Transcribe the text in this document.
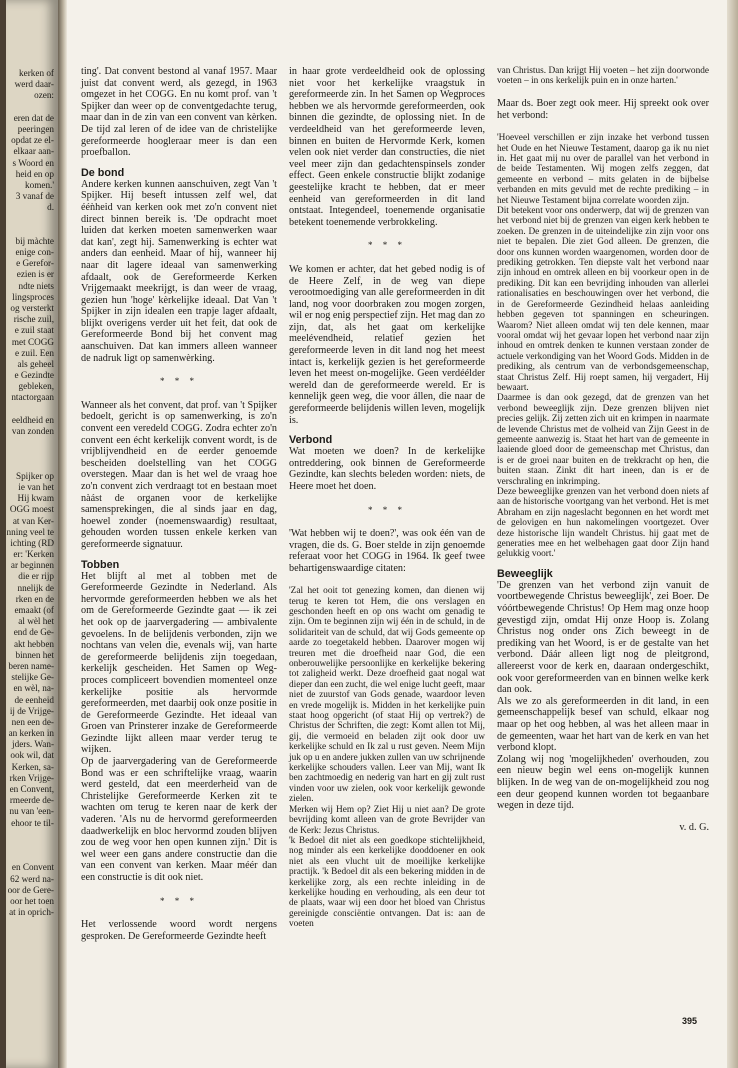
kerken of
werd daar-
ozen:
eren dat de
peeringen
opdat ze el-
elkaar aan-
s Woord en
heid en op
komen.'
3 vanaf de
d.
bij màchte
enige con-
e Gerefor-
ezien is er
ndte niets
lingsproces
og versterkt
rische zuil,
e zuil staat
met COGG
e zuil. Een
als geheel
e Gezindte
gebleken,
ntactorgaan
eeldheid en
van zonden
Spijker op
ie van het
Hij kwam
OGG moest
at van Ker-
nning veel te
ichting (RD
er: 'Kerken
ar beginnen
die er rijp
nnelijk de
rken en de
emaakt (of
al wèl het
end de Ge-
akt hebben
binnen het
beren name-
stelijke Ge-
en wèl, na-
de eenheid
ij de Vrijge-
nen een de-
an kerken in
jders. Wan-
ook wil, dat
Kerken, sa-
rken Vrijge-
en Convent,
rmeerde de-
nu van 'een-
ehoor te til-
en Convent
62 werd na-
oor de Gere-
oor het toen
at in oprich-

ting'. Dat convent bestond al vanaf 1957. Maar juist dat convent werd, als gezegd, in 1963 omgezet in het COGG. En nu komt prof. van 't Spijker dan weer op de conventgedachte terug, maar dan in de zin van een convent van kèrken. De tijd zal leren of de idee van de christelijke gereformeerde hoogleraar meer is dan een proefballon.

De bond

Andere kerken kunnen aanschuiven, zegt Van 't Spijker. Hij beseft intussen zelf wel, dat ééǹheid van kerken ook met zo'n convent niet direct binnen bereik is. 'De opdracht moet luiden dat kerken moeten samenwerken waar dat kan', zegt hij. Samenwerking is echter wat anders dan eenheid. Maar of hij, wanneer hij naar dit lagere ideaal van samenwerking afdaalt, ook de Gereformeerde Kerken Vrijgemaakt meekrijgt, is dan weer de vraag, gezien hun 'hoge' kèrkelijke ideaal. Dat Van 't Spijker in zijn idealen een trapje lager afdaalt, blijkt overigens verder uit het feit, dat ook de Gereformeerde Bond bij het convent mag aanschuiven. Dat kan immers alleen wanneer de nadruk ligt op samenwèrking.

* * *

Wanneer als het convent, dat prof. van 't Spijker bedoelt, gericht is op samenwerking, is zo'n convent een veredeld COGG. Zodra echter zo'n convent een écht kerkelijk convent wordt, is de vrijblijvendheid en de eerder genoemde bescheiden doelstelling van het COGG overstegen. Maar dan is het wel de vraag hoe zo'n convent zich verdraagt tot en bestaan moet nàást de organen voor de kerkelijke samensprekingen, die al sinds jaar en dag, hoewel zonder (noemenswaardig) resultaat, gehouden worden tussen enkele kerken van gereformeerde signatuur.

Tobben

Het blijft al met al tobben met de Gereformeerde Gezindte in Nederland. Als hervormde gereformeerden hebben we als het om de Gereformeerde Gezindte gaat — ik zei het ook op de jaarvergadering — ambivalente gevoelens. In de belijdenis verbonden, zijn we nochtans van velen die, evenals wij, van harte de gereformeerde belijdenis zijn toegedaan, kerkelijk gescheiden. Het Samen op Weg-proces compliceert bovendien momenteel onze kerkelijke positie als hervormde gereformeerden, met daarbij ook onze positie in de Gereformeerde Gezindte. Het ideaal van Groen van Prinsterer inzake de Gereformeerde Gezindte lijkt alleen maar verder terug te wijken.

Op de jaarvergadering van de Gereformeerde Bond was er een schriftelijke vraag, waarin werd gesteld, dat een meerderheid van de Christelijke Gereformeerde Kerken zit te wachten om terug te keren naar de kerk der vaderen. 'Als nu de hervormd gereformeerden daadwerkelijk en bloc hervormd zouden blijven zou de weg voor hen open kunnen zijn.' Dit is wel weer een gans andere constructie dan die van een convent van kerken. Maar méér dan een constructie is dit ook niet.

* * *

Het verlossende woord wordt nergens gesproken. De Gereformeerde Gezindte heeft

in haar grote verdeeldheid ook de oplossing niet voor het kerkelijke vraagstuk in gereformeerde zin. In het Samen op Wegproces hebben we als hervormde gereformeerden, ook binnen die gezindte, de oplossing niet. In de verdeeldheid van het gereformeerde leven, binnen en buiten de Hervormde Kerk, komen velen ook niet verder dan constructies, die niet veel meer zijn dan gedachtenspinsels zonder effect. Geen enkele constructie blijkt zodanige geestelijke kracht te hebben, dat er meer eenheid van gereformeerden in dit land ontstaat. Integendeel, toenemende organisatie betekent toenemende verbrokkeling.

* * *

We komen er achter, dat het gebed nodig is of de Heere Zelf, in de weg van diepe verootmoediging van alle gereformeerden in dit land, nog voor doorbraken zou mogen zorgen, wil er nog enig perspectief zijn. Het mag dan zo zijn, dat, als het gaat om kerkelijke meelévendheid, relatief gezien het gereformeerde leven in dit land nog het meest intact is, kerkelijk gezien is het gereformeerde leven het meest on-mogelijke. Geen verdéélder wereld dan de gereformeerde wereld. Er is kennelijk geen weg, die voor állen, die naar de gereformeerde belijdenis willen leven, mogelijk is.

Verbond

Wat moeten we doen? In de kerkelijke ontreddering, ook binnen de Gereformeerde Gezindte, kan slechts beleden worden: niets, de Heere moet het doen.

* * *

'Wat hebben wij te doen?', was ook één van de vragen, die ds. G. Boer stelde in zijn genoemde referaat voor het COGG in 1964. Ik geef twee behartigenswaardige citaten:

'Zal het ooit tot genezing komen, dan dienen wij terug te keren tot Hem, die ons verslagen en geschonden heeft en op ons wacht om genadig te zijn. Om te beginnen zijn wij één in de schuld, in de solidariteit van de schuld, dat wij Gods gemeente op aarde zo toegetakeld hebben. Daarover mogen wij treuren met die droefheid naar God, die een onberouwelijke persoonlijke en kerkelijke bekering tot zaligheid werkt. Deze droefheid gaat nogal wat dieper dan een zucht, die wel enige lucht geeft, maar niet de zuurstof van Gods genade, waardoor leven en vrede mogelijk is. Midden in het kerkelijke puin staat hoog opgericht (of staat Hij op vertrek?) de Christus der Schriften, die zegt: Komt allen tot Mij, gij, die vermoeid en beladen zijt ook door uw kerkelijke schuld en Ik zal u rust geven. Neem Mijn juk op u en andere jukken zullen van uw schrijnende kerkelijke schouders vallen. Leer van Mij, want Ik ben zachtmoedig en nederig van hart en gij zult rust vinden voor uw zielen, ook voor kerkelijk gewonde zielen.

Merken wij Hem op? Ziet Hij u niet aan? De grote bevrijding komt alleen van de grote Bevrijder van de Kerk: Jezus Christus.

'k Bedoel dit niet als een goedkope stichtelijkheid, nog minder als een kerkelijke dooddoener en ook niet als een vlucht uit de moeilijke kerkelijke practijk. 'k Bedoel dit als een bekering midden in de kerkelijke zorg, als een rechte inleiding in de kerkelijke houding en verhouding, als een deur tot de plaats, waar wij een door het bloed van Christus gereinigde consciëntie ontvangen. Dat is: aan de voeten

van Christus. Dan krijgt Hij voeten – het zijn doorwonde voeten – in ons kerkelijk puin en in onze harten.'

Maar ds. Boer zegt ook meer. Hij spreekt ook over het verbond:

'Hoeveel verschillen er zijn inzake het verbond tussen het Oude en het Nieuwe Testament, daarop ga ik nu niet in. Het gaat mij nu over de parallel van het verbond in de beide Testamenten. Wij mogen zelfs zeggen, dat gemeente en verbond – mits gelaten in de bijbelse verbanden en mits gevuld met de rechte prediking – in het Nieuwe Testament bijna correlate woorden zijn.

Dit betekent voor ons onderwerp, dat wij de grenzen van het verbond niet bij de grenzen van eigen kerk hebben te zoeken. De grenzen in de uiteindelijke zin zijn voor ons niet te bepalen. Die ziet God alleen. De grenzen, die door ons kunnen worden waargenomen, worden door de prediking getrokken. Ten diepste valt het verbond naar zijn inhoud en omtrek alleen en bij voorkeur open in de prediking. Dit kan een bevrijding inhouden van allerlei rationalisaties en beschouwingen over het verbond, die in de Gereformeerde Gezindheid helaas aanleiding hebben gegeven tot spanningen en scheuringen. Waarom? Niet alleen omdat wij ten dele kennen, maar vooral omdat wij het gevaar lopen het verbond naar zijn inhoud en omtrek denken te kunnen verstaan zonder de actuele verkondiging van het Woord Gods. Midden in de prediking, als centrum van de verbondsgemeenschap, staat Christus Zelf. Hij roept samen, hij vergadert, Hij bewaart.

Daarmee is dan ook gezegd, dat de grenzen van het verbond beweeglijk zijn. Deze grenzen blijven niet precies gelijk. Zij zetten zich uit en krimpen in naarmate de levende Christus met de volheid van Zijn Geest in de gemeente aanwezig is. Staat het hart van de gemeente in laaiende gloed door de gemeenschap met Christus, dan is er de groei naar buiten en de trekkracht op hen, die buiten staan. Zinkt dit hart ineen, dan is er de verschraling en inkrimping.

Deze beweeglijke grenzen van het verbond doen niets af aan de historische voortgang van het verbond. Het is met Abraham en zijn nageslacht begonnen en het wordt met de gelovigen en hun nakomelingen voortgezet. Over deze historische lijn wandelt Christus. hij gaat met de generaties mee en het welbehagen gaat door Zijn hand gelukkig voort.'

Beweeglijk

'De grenzen van het verbond zijn vanuit de voortbewegende Christus beweeglijk', zei Boer. De vóórtbewegende Christus! Op Hem mag onze hoop gevestigd zijn, omdat Hij onze Hoop is. Zolang Christus nog onder ons Zich beweegt in de prediking van het Woord, is er de gestalte van het verbond. Dáár alleen ligt nog de pleitgrond, allereerst voor de kerk en, daaraan ondergeschikt, ook voor gereformeerden van en binnen welke kerk dan ook.

Als we zo als gereformeerden in dit land, in een gemeenschappelijk besef van schuld, elkaar nog maar op het oog hebben, al was het alleen maar in de gemeenten, waar het hart van de kerk en van het verbond klopt.

Zolang wij nog 'mogelijkheden' overhouden, zou een nieuw begin wel eens on-mogelijk kunnen blijken. In de weg van de on-mogelijkheid zou nog een deur geopend kunnen worden tot begaanbare wegen in deze tijd.

v. d. G.

395
